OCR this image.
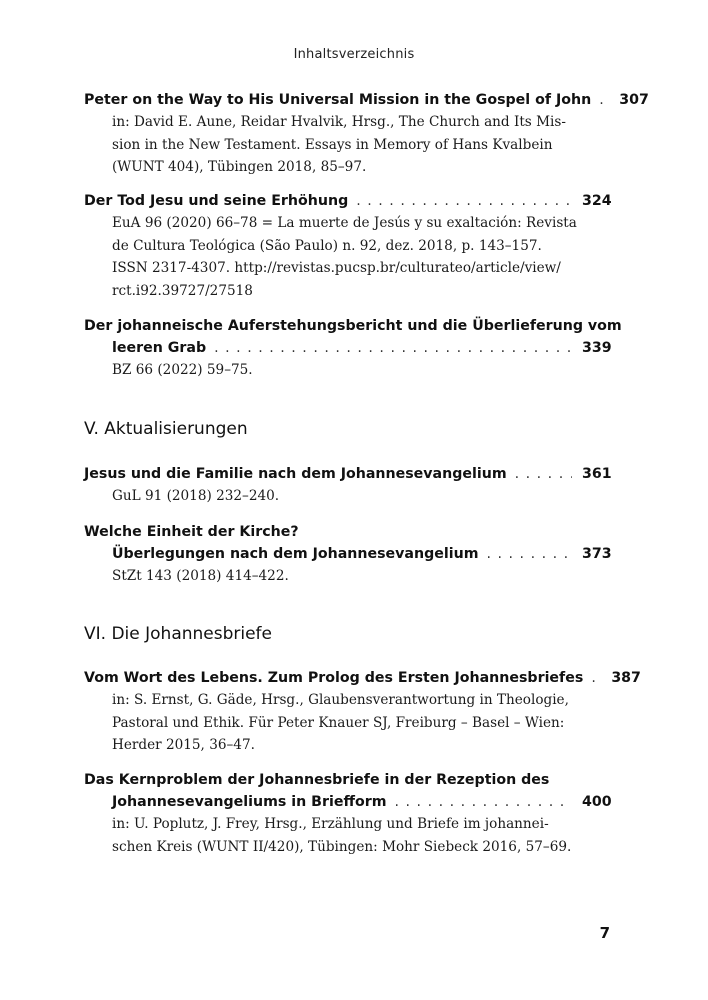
Inhaltsverzeichnis
Peter on the Way to His Universal Mission in the Gospel of John . . . 307
in: David E. Aune, Reidar Hvalvik, Hrsg., The Church and Its Mis-
sion in the New Testament. Essays in Memory of Hans Kvalbein
(WUNT 404), Tübingen 2018, 85–97.
Der Tod Jesu und seine Erhöhung . . .	324
EuA 96 (2020) 66–78 = La muerte de Jesús y su exaltación: Revista
de Cultura Teológica (São Paulo) n. 92, dez. 2018, p. 143–157.
ISSN 2317-4307. http://revistas.pucsp.br/culturateo/article/view/
rct.i92.39727/27518
Der johanneische Auferstehungsbericht und die Überlieferung vom
leeren Grab . . .	339
BZ 66 (2022) 59–75.
V. Aktualisierungen
Jesus und die Familie nach dem Johannesevangelium . . .	361
GuL 91 (2018) 232–240.
Welche Einheit der Kirche?
Überlegungen nach dem Johannesevangelium . . .	373
StZt 143 (2018) 414–422.
VI. Die Johannesbriefe
Vom Wort des Lebens. Zum Prolog des Ersten Johannesbriefes . . . 387
in: S. Ernst, G. Gäde, Hrsg., Glaubensverantwortung in Theologie,
Pastoral und Ethik. Für Peter Knauer SJ, Freiburg – Basel – Wien:
Herder 2015, 36–47.
Das Kernproblem der Johannesbriefe in der Rezeption des
Johannesevangeliums in Briefform . . .	400
in: U. Poplutz, J. Frey, Hrsg., Erzählung und Briefe im johannei-
schen Kreis (WUNT II/420), Tübingen: Mohr Siebeck 2016, 57–69.
7
